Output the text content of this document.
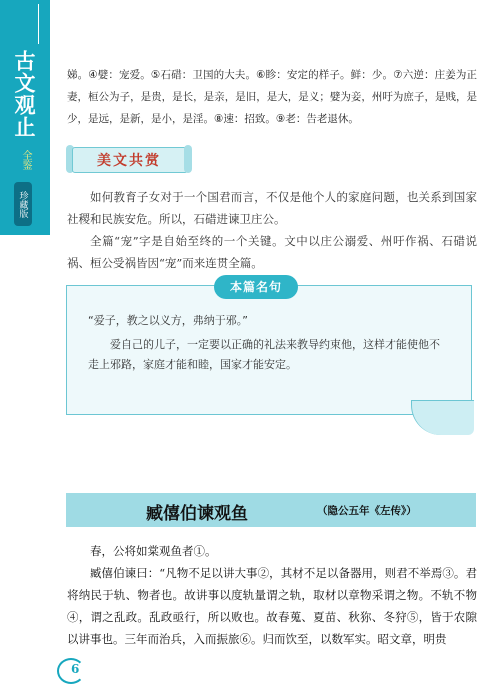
古文观止
全鉴
珍藏版
娣。④嬖：宠爱。⑤石碏：卫国的大夫。⑥眕：安定的样子。鲜：少。⑦六逆：庄姜为正妻，桓公为子，是贵，是长，是亲，是旧，是大，是义；嬖为妾，州吁为庶子，是贱，是少，是远，是新，是小，是淫。⑧速：招致。⑨老：告老退休。
美文共赏
如何教育子女对于一个国君而言，不仅是他个人的家庭问题，也关系到国家社稷和民族安危。所以，石碏进谏卫庄公。
全篇“宠”字是自始至终的一个关键。文中以庄公溺爱、州吁作祸、石碏说祸、桓公受祸皆因“宠”而来连贯全篇。
本篇名句
“爱子，教之以义方，弗纳于邪。”
爱自己的儿子，一定要以正确的礼法来教导约束他，这样才能使他不走上邪路，家庭才能和睦，国家才能安定。
臧僖伯谏观鱼	（隐公五年《左传》）
春，公将如棠观鱼者①。
臧僖伯谏曰：“凡物不足以讲大事②，其材不足以备器用，则君不举焉③。君将纳民于轨、物者也。故讲事以度轨量谓之轨，取材以章物采谓之物。不轨不物④，谓之乱政。乱政亟行，所以败也。故春蒐、夏苗、秋狝、冬狩⑤，皆于农隙以讲事也。三年而治兵，入而振旅⑥。归而饮至，以数军实。昭文章，明贵
6
